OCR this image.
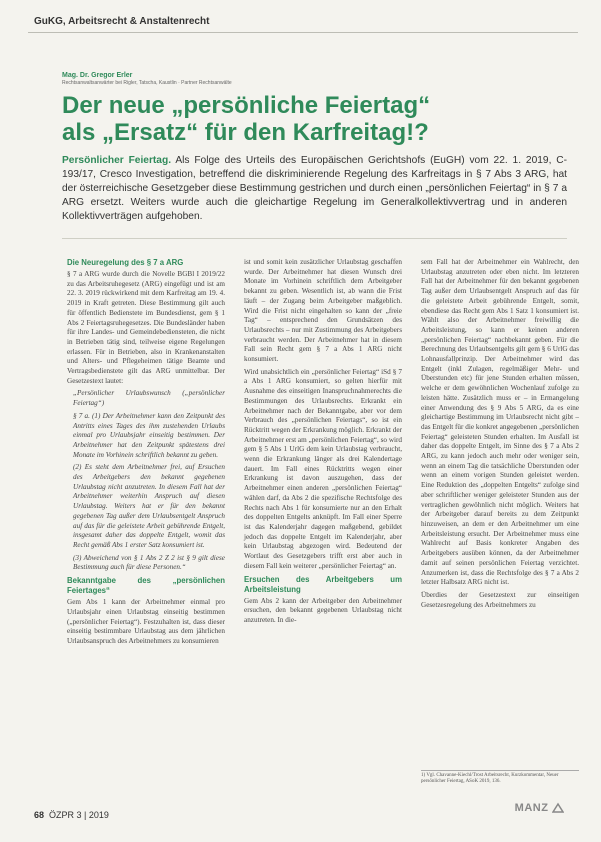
GuKG, Arbeitsrecht & Anstaltenrecht
Mag. Dr. Gregor Erler
Rechtsanwaltsanwärter bei Rigler, Tatscha, Kaustlin · Partner Rechtsanwälte
Der neue „persönliche Feiertag“
als „Ersatz“ für den Karfreitag!?
Persönlicher Feiertag. Als Folge des Urteils des Europäischen Gerichtshofs (EuGH) vom 22. 1. 2019, C- 193/17, Cresco Investigation, betreffend die diskriminierende Regelung des Karfreitags in § 7 Abs 3 ARG, hat der österreichische Gesetzgeber diese Bestimmung gestrichen und durch einen „persönlichen Feiertag“ in § 7 a ARG ersetzt. Weiters wurde auch die gleichartige Regelung im Generalkollektivvertrag und in anderen Kollektivverträgen aufgehoben.
Die Neuregelung des § 7 a ARG

§ 7 a ARG wurde durch die Novelle BGBl I 2019/22 zu das Arbeitsruhegesetz (ARG) eingefügt und ist am 22. 3. 2019 rückwirkend mit dem Karfreitag am 19. 4. 2019 in Kraft getreten. Diese Bestimmung gilt auch für öffentlich Bedienstete im Bundesdienst, gem § 1 Abs 2 Feiertagsruhegesetzes. Die Bundesländer haben für ihre Landes- und Gemeindebediensteten, die nicht in Betrieben tätig sind, teilweise eigene Regelungen erlassen. Für in Betrieben, also in Krankenanstalten und Alters- und Pflegeheimen tätige Beamte und Vertragsbedienstete gilt das ARG unmittelbar. Der Gesetzestext lautet:

„Persönlicher Urlaubswunsch („persönlicher Feiertag“)

§ 7 a. (1) Der Arbeitnehmer kann den Zeitpunkt des Antritts eines Tages des ihm zustehenden Urlaubs einmal pro Urlaubsjahr einseitig bestimmen. Der Arbeitnehmer hat den Zeitpunkt spätestens drei Monate im Vorhinein schriftlich bekannt zu geben.

(2) Es steht dem Arbeitnehmer frei, auf Ersuchen des Arbeitgebers den bekannt gegebenen Urlaubstag nicht anzutreten. In diesem Fall hat der Arbeitnehmer weiterhin Anspruch auf diesen Urlaubstag. Weiters hat er für den bekannt gegebenen Tag außer dem Urlaubsentgelt Anspruch auf das für die geleistete Arbeit gebührende Entgelt, insgesamt daher das doppelte Entgelt, womit das Recht gemäß Abs 1 erster Satz konsumiert ist.

(3) Abweichend von § 1 Abs 2 Z 2 ist § 9 gilt diese Bestimmung auch für diese Personen.“

Bekanntgabe des „persönlichen Feiertages“

Gem Abs 1 kann der Arbeitnehmer einmal pro Urlaubsjahr einen Urlaubstag einseitig bestimmen („persönlicher Feiertag“). Festzuhalten ist, dass dieser einseitig bestimmbare Urlaubstag aus dem jährlichen Urlaubsanspruch des Arbeitnehmers zu konsumieren

ist und somit kein zusätzlicher Urlaubstag geschaffen wurde. Der Arbeitnehmer hat diesen Wunsch drei Monate im Vorhinein schriftlich dem Arbeitgeber bekannt zu geben. Wesentlich ist, ab wann die Frist läuft – der Zugang beim Arbeitgeber maßgeblich. Wird die Frist nicht eingehalten so kann der „freie Tag“ – entsprechend den Grundsätzen des Urlaubsrechts – nur mit Zustimmung des Arbeitgebers verbraucht werden. Der Arbeitnehmer hat in diesem Fall sein Recht gem § 7 a Abs 1 ARG nicht konsumiert.

Wird unabsichtlich ein „persönlicher Feiertag“ iSd § 7 a Abs 1 ARG konsumiert, so gelten hierfür mit Ausnahme des einseitigen Inanspruchnahmerechts die Bestimmungen des Urlaubsrechts. Erkrankt ein Arbeitnehmer nach der Bekanntgabe, aber vor dem Verbrauch des „persönlichen Feiertags“, so ist ein Rücktritt wegen der Erkrankung möglich. Erkrankt der Arbeitnehmer erst am „persönlichen Feiertag“, so wird gem § 5 Abs 1 UrlG dem kein Urlaubstag verbraucht, wenn die Erkrankung länger als drei Kalendertage dauert. Im Fall eines Rücktritts wegen einer Erkrankung ist davon auszugehen, dass der Arbeitnehmer einen anderen „persönlichen Feiertag“ wählen darf, da Abs 2 die spezifische Rechtsfolge des Rechts nach Abs 1 für konsumierte nur an den Erhalt des doppelten Entgelts anknüpft. Im Fall einer Sperre ist das Kalenderjahr dagegen maßgebend, gebildet jedoch das doppelte Entgelt im Kalenderjahr, aber kein Urlaubstag abgezogen wird. Bedeutend der Wortlaut des Gesetzgebers trifft erst aber auch in diesem Fall kein weiterer „persönlicher Feiertag“ an.

Ersuchen des Arbeitgebers um Arbeitsleistung

Gem Abs 2 kann der Arbeitgeber den Arbeitnehmer ersuchen, den bekannt gegebenen Urlaubstag nicht anzutreten. In die-

sem Fall hat der Arbeitnehmer ein Wahlrecht, den Urlaubstag anzutreten oder eben nicht. Im letzteren Fall hat der Arbeitnehmer für den bekannt gegebenen Tag außer dem Urlaubsentgelt Anspruch auf das für die geleistete Arbeit gebührende Entgelt, somit, ebendiese das Recht gem Abs 1 Satz 1 konsumiert ist. Wählt also der Arbeitnehmer freiwillig die Arbeitsleistung, so kann er keinen anderen „persönlichen Feiertag“ nachbekannt geben. Für die Berechnung des Urlaubsentgelts gilt gem § 6 UrlG das Lohnausfallprinzip. Der Arbeitnehmer wird das Entgelt (inkl Zulagen, regelmäßiger Mehr- und Überstunden etc) für jene Stunden erhalten müssen, welche er dem gewöhnlichen Wochenlauf zufolge zu leisten hätte. Zusätzlich muss er – in Ermangelung einer Anwendung des § 9 Abs 5 ARG, da es eine gleichartige Bestimmung im Urlaubsrecht nicht gibt – das Entgelt für die konkret angegebenen „persönlichen Feiertag“ geleisteten Stunden erhalten. Im Ausfall ist daher das doppelte Entgelt, im Sinne des § 7 a Abs 2 ARG, zu kann jedoch auch mehr oder weniger sein, wenn an einem Tag die tatsächliche Überstunden oder wenn an einem vorigen Stunden geleistet werden. Eine Reduktion des „doppelten Entgelts“ zufolge sind aber schriftlicher weniger geleisteter Stunden aus der vertraglichen gewöhnlich nicht möglich. Weiters hat der Arbeitgeber darauf bereits zu dem Zeitpunkt hinzuweisen, an dem er den Arbeitnehmer um eine Arbeitsleistung ersucht. Der Arbeitnehmer muss eine Wahlrecht auf Basis konkreter Angaben des Arbeitgebers ausüben können, da der Arbeitnehmer damit auf seinen persönlichen Feiertag verzichtet. Anzumerken ist, dass die Rechtsfolge des § 7 a Abs 2 letzter Halbsatz ARG nicht ist.

Überdies der Gesetzestext zur einseitigen Gesetzesregelung des Arbeitnehmers zu

1) Vgl. Chavanne-Kiechl/Trost Arbeitsrecht, Kurzkommentar, Neuer persönlicher Feiertag, ASoK 2019, 136.
68 ÖZPR 3 | 2019
MANZ
